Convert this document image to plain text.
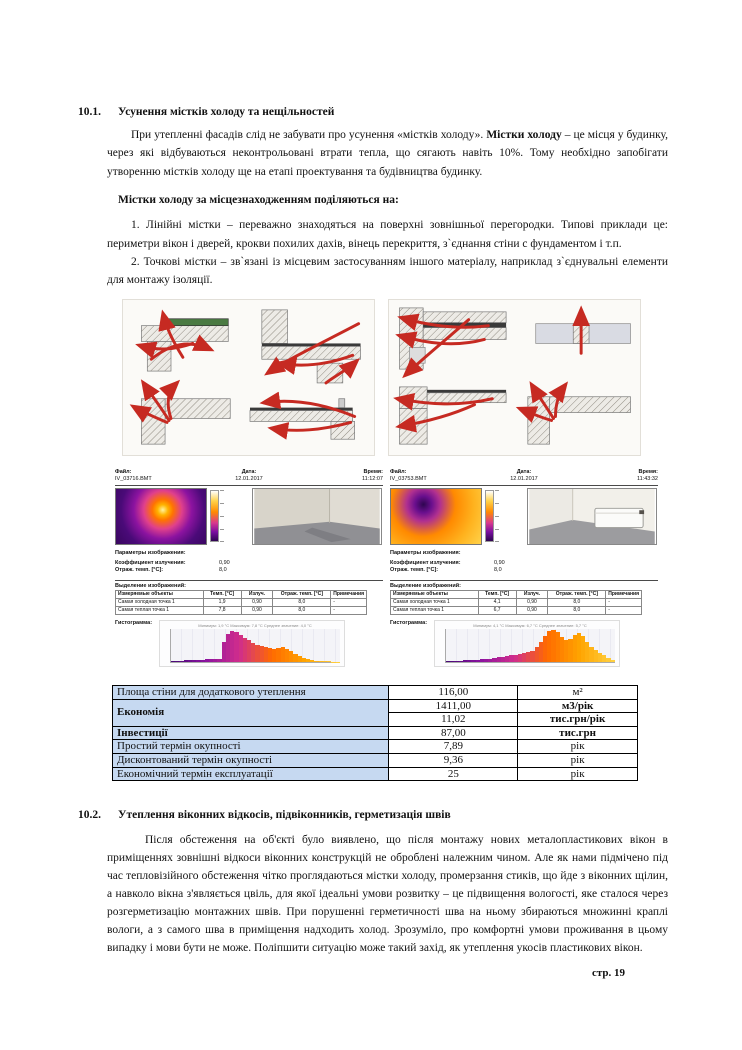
10.1.	Усунення містків холоду та нещільностей

При утепленні фасадів слід не забувати про усунення «містків холоду». Містки холоду – це місця у будинку, через які відбуваються неконтрольовані втрати тепла, що сягають навіть 10%. Тому необхідно запобігати утворенню містків холоду ще на етапі проектування та будівництва будинку.

Містки холоду за місцезнаходженням поділяються на:

1. Лінійні містки – переважно знаходяться на поверхні зовнішньої перегородки. Типові приклади це: периметри вікон і дверей, крокви похилих дахів, вінець перекриття, з`єднання стіни с фундаментом і т.п.

2. Точкові містки – зв`язані із місцевим застосуванням іншого матеріалу, наприклад з`єднувальні елементи для монтажу ізоляції.

Файл:
IV_03716.BMT
Дата:
12.01.2017
Время:
11:12:07
Параметры изображения:
Коэффициент излучения:	0,90
Отраж. темп. [°C]:	8,0
Выделение изображений:
Измеряемые объекты	Темп. [°C]	Излуч.	Отраж. темп. [°C]	Примечания
Самая холодная точка 1	1,9	0,90	8,0	-
Самая теплая точка 1	7,8	0,90	8,0	-
Гистограмма:	Минимум: 1,9 °C Максимум: 7,8 °C Среднее значение: 4,0 °C
Файл:
IV_03753.BMT
Дата:
12.01.2017
Время:
11:43:32
Параметры изображения:
Коэффициент излучения:	0,90
Отраж. темп. [°C]:	8,0
Выделение изображений:
Измеряемые объекты	Темп. [°C]	Излуч.	Отраж. темп. [°C]	Примечания
Самая холодная точка 1	4,1	0,90	8,0	-
Самая теплая точка 1	6,7	0,90	8,0	-
Гистограмма:	Минимум: 4,1 °C Максимум: 6,7 °C Среднее значение: 5,7 °C
Площа стіни для додаткового утеплення	116,00	м²
Економія	1411,00	м3/рік
	11,02	тис.грн/рік
Інвестиції	87,00	тис.грн
Простий термін окупності	7,89	рік
Дисконтований термін окупності	9,36	рік
Економічний термін експлуатації	25	рік
10.2.	Утеплення віконних відкосів, підвіконників, герметизація швів

Після обстеження на об'єкті було виявлено, що після монтажу нових металопластикових вікон в приміщеннях зовнішні відкоси віконних конструкцій не оброблені належним чином. Але як нами підмічено під час тепловізійного обстеження чітко проглядаються містки холоду, промерзання стиків, що йде з віконних щілин, а навколо вікна з'являється цвіль, для якої ідеальні умови розвитку – це підвищення вологості, яке сталося через розгерметизацію монтажних швів. При порушенні герметичності шва на ньому збираються множинні краплі вологи, а з самого шва в приміщення надходить холод. Зрозуміло, про комфортні умови проживання в цьому випадку і мови бути не може. Поліпшити ситуацію може такий захід, як утеплення укосів пластикових вікон.

стр. 19
